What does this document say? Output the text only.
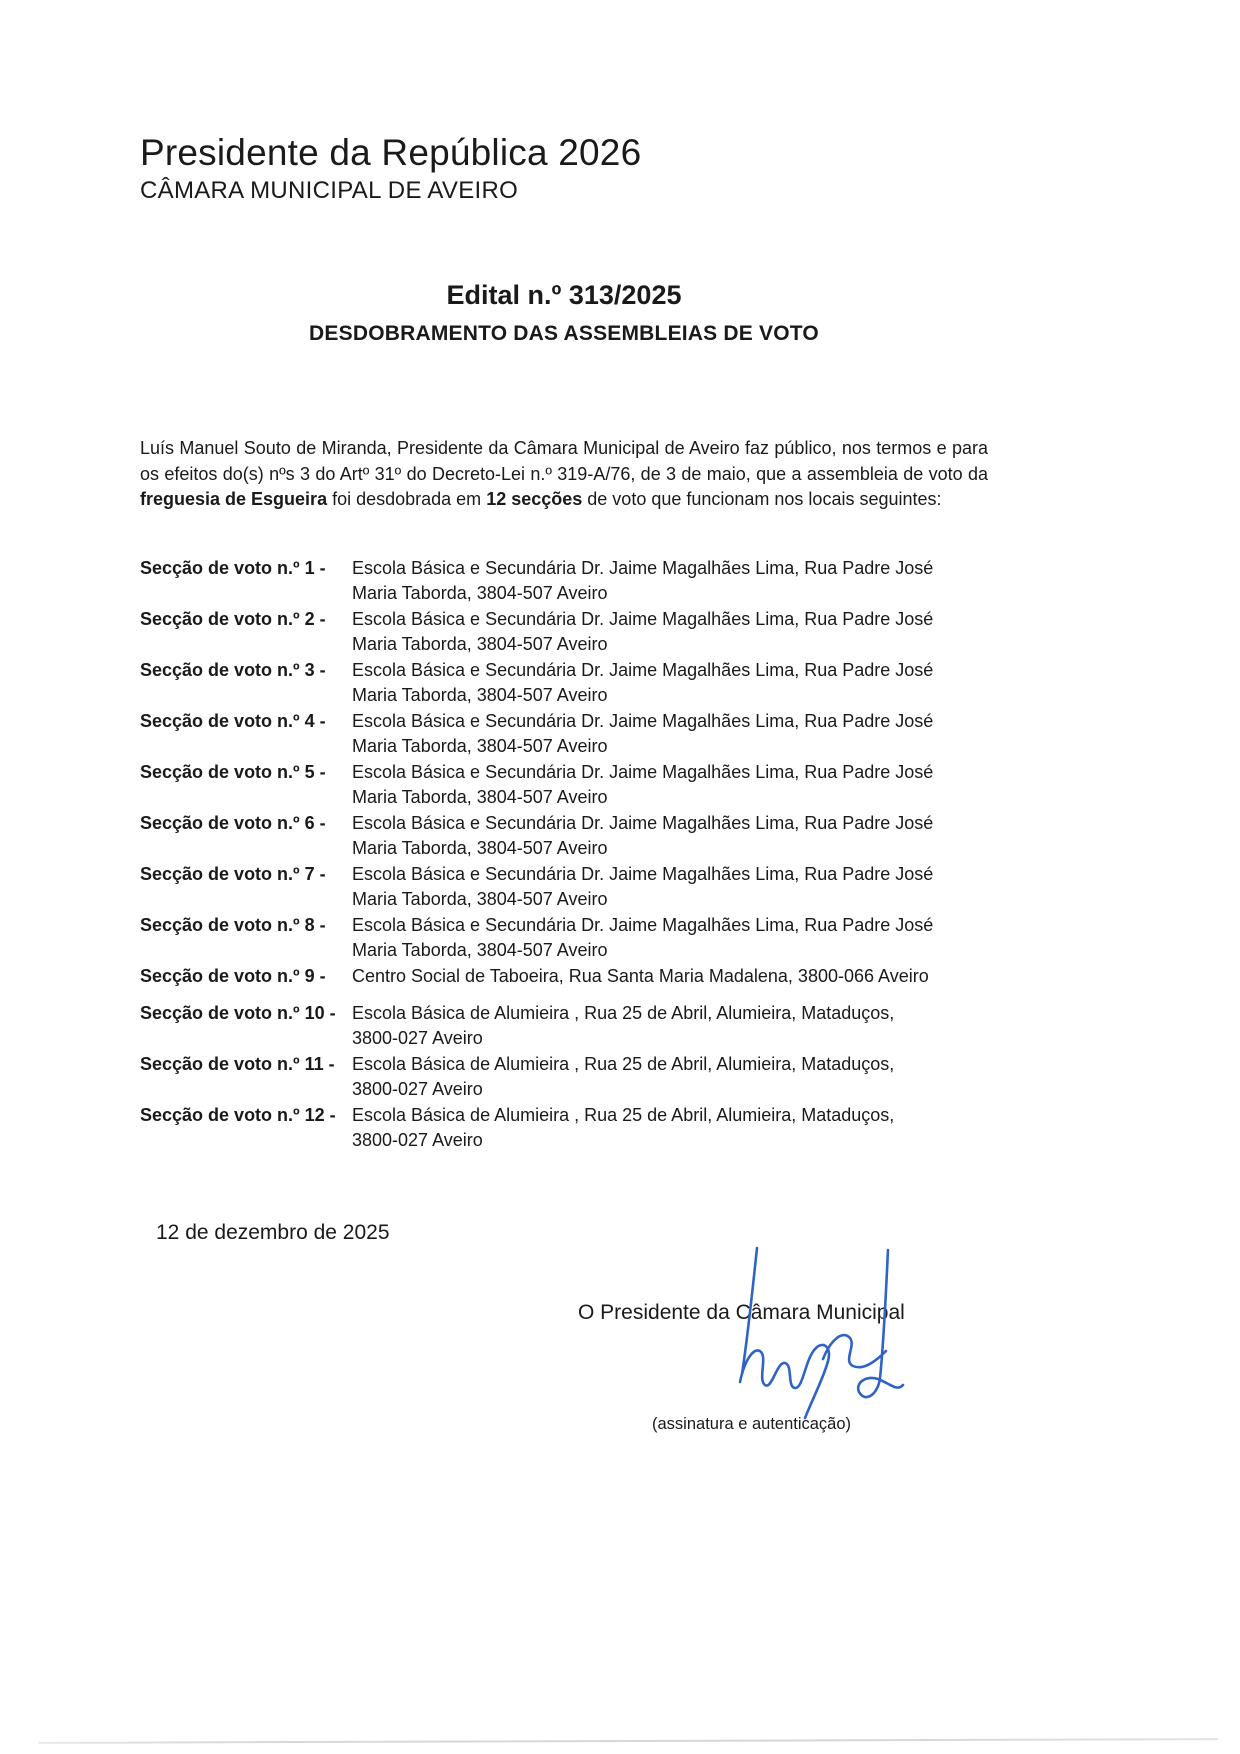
Presidente da República 2026
CÂMARA MUNICIPAL DE AVEIRO
Edital n.º 313/2025
DESDOBRAMENTO DAS ASSEMBLEIAS DE VOTO

Luís Manuel Souto de Miranda, Presidente da Câmara Municipal de Aveiro faz público, nos termos e para os efeitos do(s) nºs 3 do Artº 31º do Decreto-Lei n.º 319-A/76, de 3 de maio, que a assembleia de voto da freguesia de Esgueira foi desdobrada em 12 secções de voto que funcionam nos locais seguintes:

Secção de voto n.º 1 -	Escola Básica e Secundária Dr. Jaime Magalhães Lima, Rua Padre José Maria Taborda, 3804-507 Aveiro
Secção de voto n.º 2 -	Escola Básica e Secundária Dr. Jaime Magalhães Lima, Rua Padre José Maria Taborda, 3804-507 Aveiro
Secção de voto n.º 3 -	Escola Básica e Secundária Dr. Jaime Magalhães Lima, Rua Padre José Maria Taborda, 3804-507 Aveiro
Secção de voto n.º 4 -	Escola Básica e Secundária Dr. Jaime Magalhães Lima, Rua Padre José Maria Taborda, 3804-507 Aveiro
Secção de voto n.º 5 -	Escola Básica e Secundária Dr. Jaime Magalhães Lima, Rua Padre José Maria Taborda, 3804-507 Aveiro
Secção de voto n.º 6 -	Escola Básica e Secundária Dr. Jaime Magalhães Lima, Rua Padre José Maria Taborda, 3804-507 Aveiro
Secção de voto n.º 7 -	Escola Básica e Secundária Dr. Jaime Magalhães Lima, Rua Padre José Maria Taborda, 3804-507 Aveiro
Secção de voto n.º 8 -	Escola Básica e Secundária Dr. Jaime Magalhães Lima, Rua Padre José Maria Taborda, 3804-507 Aveiro
Secção de voto n.º 9 -	Centro Social de Taboeira, Rua Santa Maria Madalena, 3800-066 Aveiro
Secção de voto n.º 10 - Escola Básica de Alumieira , Rua 25 de Abril, Alumieira, Mataduços, 3800-027 Aveiro
Secção de voto n.º 11 - Escola Básica de Alumieira , Rua 25 de Abril, Alumieira, Mataduços, 3800-027 Aveiro
Secção de voto n.º 12 - Escola Básica de Alumieira , Rua 25 de Abril, Alumieira, Mataduços, 3800-027 Aveiro
12 de dezembro de 2025
O Presidente da Câmara Municipal
(assinatura e autenticação)
